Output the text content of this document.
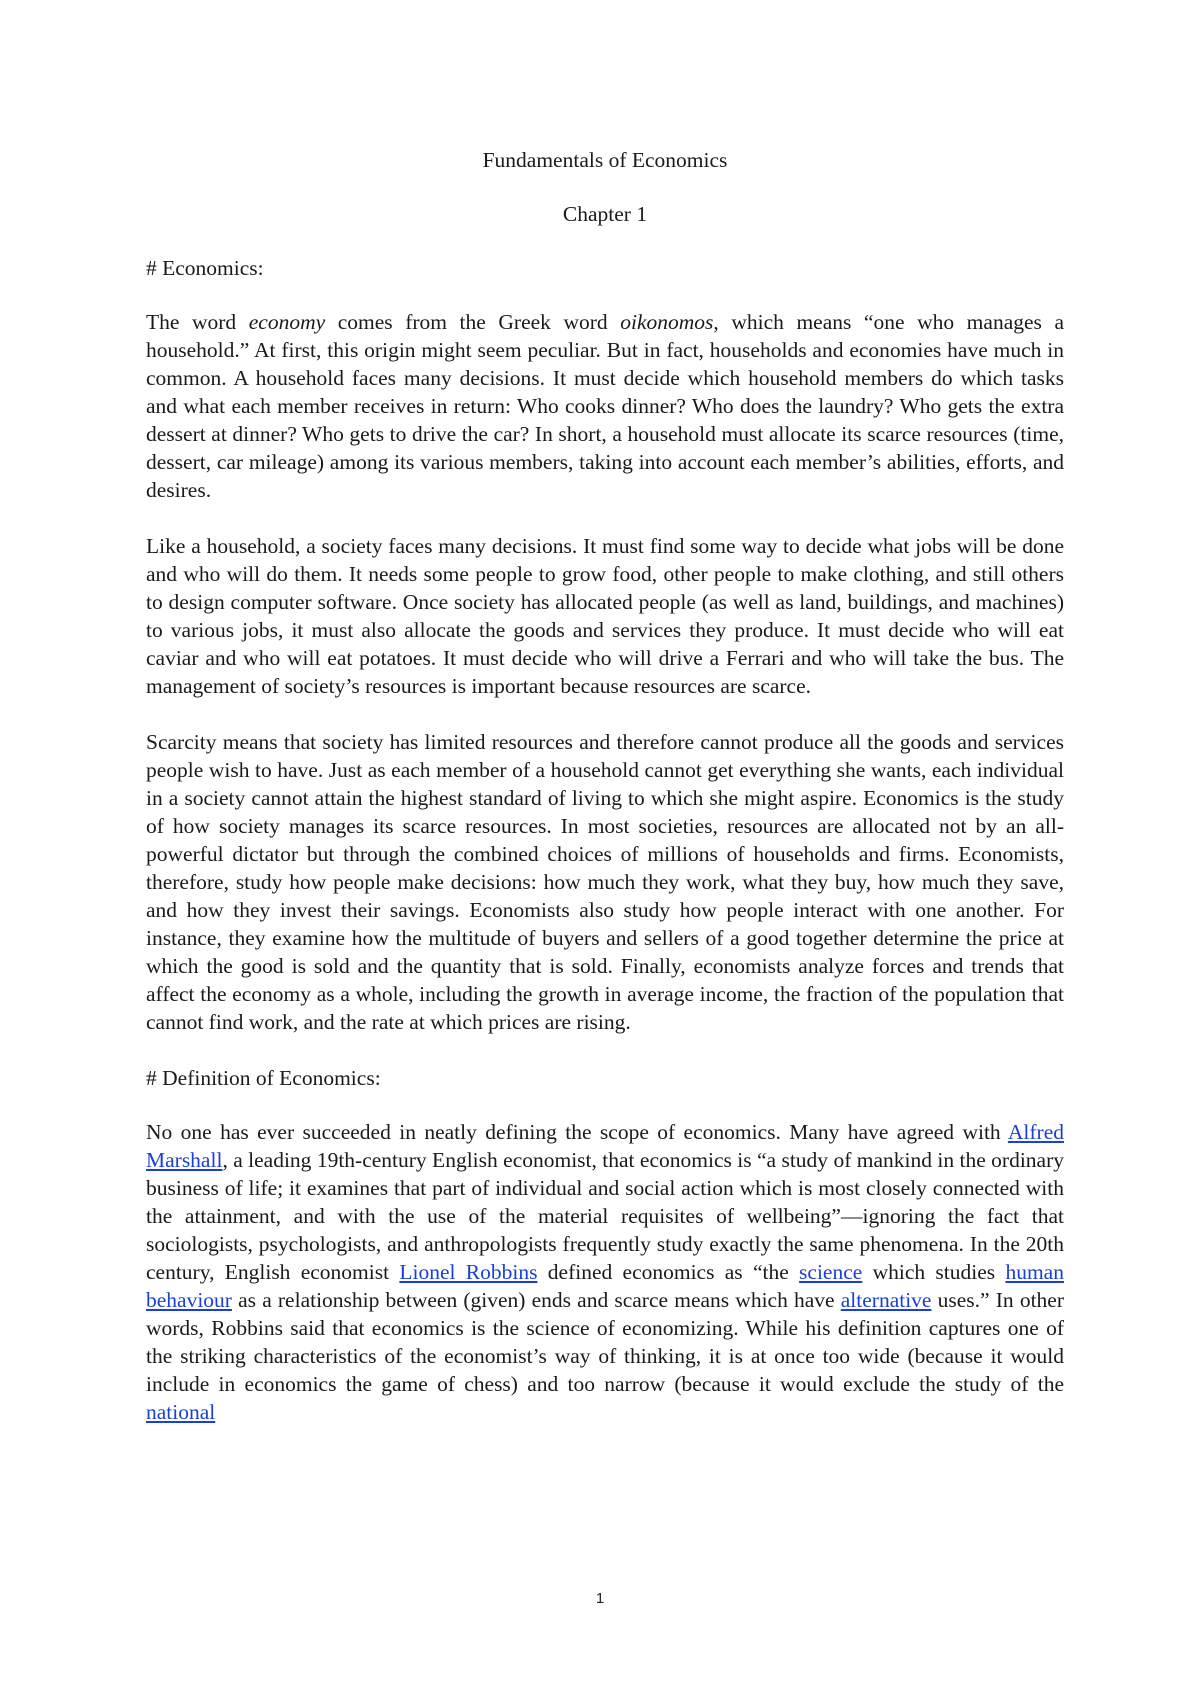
Fundamentals of Economics
Chapter 1
# Economics:

The word economy comes from the Greek word oikonomos, which means “one who manages a household.” At first, this origin might seem peculiar. But in fact, households and economies have much in common. A household faces many decisions. It must decide which household members do which tasks and what each member receives in return: Who cooks dinner? Who does the laundry? Who gets the extra dessert at dinner? Who gets to drive the car? In short, a household must allocate its scarce resources (time, dessert, car mileage) among its various members, taking into account each member’s abilities, efforts, and desires.

Like a household, a society faces many decisions. It must find some way to decide what jobs will be done and who will do them. It needs some people to grow food, other people to make clothing, and still others to design computer software. Once society has allocated people (as well as land, buildings, and machines) to various jobs, it must also allocate the goods and services they produce. It must decide who will eat caviar and who will eat potatoes. It must decide who will drive a Ferrari and who will take the bus. The management of society’s resources is important because resources are scarce.

Scarcity means that society has limited resources and therefore cannot produce all the goods and services people wish to have. Just as each member of a household cannot get everything she wants, each individual in a society cannot attain the highest standard of living to which she might aspire. Economics is the study of how society manages its scarce resources. In most societies, resources are allocated not by an all-powerful dictator but through the combined choices of millions of households and firms. Economists, therefore, study how people make decisions: how much they work, what they buy, how much they save, and how they invest their savings. Economists also study how people interact with one another. For instance, they examine how the multitude of buyers and sellers of a good together determine the price at which the good is sold and the quantity that is sold. Finally, economists analyze forces and trends that affect the economy as a whole, including the growth in average income, the fraction of the population that cannot find work, and the rate at which prices are rising.

# Definition of Economics:

No one has ever succeeded in neatly defining the scope of economics. Many have agreed with Alfred Marshall, a leading 19th-century English economist, that economics is “a study of mankind in the ordinary business of life; it examines that part of individual and social action which is most closely connected with the attainment, and with the use of the material requisites of wellbeing”—ignoring the fact that sociologists, psychologists, and anthropologists frequently study exactly the same phenomena. In the 20th century, English economist Lionel Robbins defined economics as “the science which studies human behaviour as a relationship between (given) ends and scarce means which have alternative uses.” In other words, Robbins said that economics is the science of economizing. While his definition captures one of the striking characteristics of the economist’s way of thinking, it is at once too wide (because it would include in economics the game of chess) and too narrow (because it would exclude the study of the national

1
